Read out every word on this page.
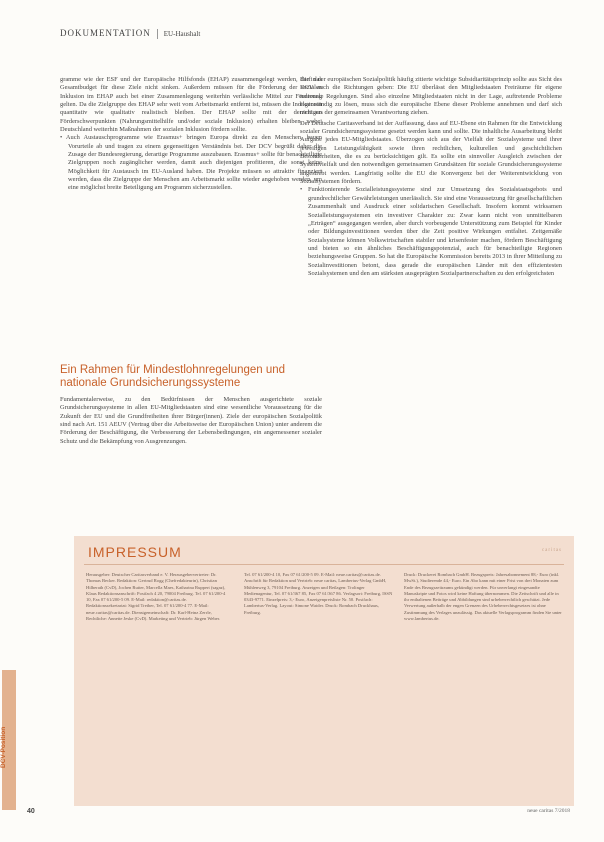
DOKUMENTATION EU-Haushalt

gramme wie der ESF und der Europäische Hilfsfonds (EHAP) zusammengelegt werden, darf das Gesamtbudget für diese Ziele nicht sinken. Außerdem müssen für die Förderung der sozialen Inklusion im EHAP auch bei einer Zusammenlegung weiterhin verlässliche Mittel zur Förderung gelten. Da die Zielgruppe des EHAP sehr weit vom Arbeitsmarkt entfernt ist, müssen die Indikatoren quantitativ wie qualitativ realistisch bleiben. Der EHAP sollte mit der derzeitigen Förderschwerpunkten (Nahrungsmittelhilfe und/oder soziale Inklusion) erhalten bleiben, wobei Deutschland weiterhin Maßnahmen der sozialen Inklusion fördern sollte.

• Auch Austauschprogramme wie Erasmus+ bringen Europa direkt zu den Menschen, bauen Vorurteile ab und tragen zu einem gegenseitigen Verständnis bei. Der DCV begrüßt daher die Zusage der Bundesregierung, derartige Programme auszubauen. Erasmus+ sollte für benachteiligte Zielgruppen noch zugänglicher werden, damit auch diejenigen profitieren, die sonst keine Möglichkeit für Austausch im EU-Ausland haben. Die Projekte müssen so attraktiv finanziert werden, dass die Zielgruppe der Menschen am Arbeitsmarkt sollte wieder angehoben werden, um eine möglichst breite Beteiligung am Programm sicherzustellen.

Ein Rahmen für Mindestlohnregelungen und nationale Grundsicherungssysteme

Fundamentalerweise, zu den Bedürfnissen der Menschen ausgerichtete soziale Grundsicherungssysteme in allen EU-Mitgliedstaaten sind eine wesentliche Voraussetzung für die Zukunft der EU und die Grundfreiheiten ihrer Bürger(innen). Ziele der europäischen Sozialpolitik sind nach Art. 151 AEUV (Vertrag über die Arbeitsweise der Europäischen Union) unter anderem die Förderung der Beschäftigung, die Verbesserung der Lebensbedingungen, ein angemessener sozialer Schutz und die Bekämpfung von Ausgrenzungen.

Die in der europäischen Sozialpolitik häufig zitierte wichtige Subsidiaritätsprinzip sollte aus Sicht des DCV auch die Richtungen geben: Die EU überlässt den Mitgliedstaaten Freiräume für eigene nationale Regelungen. Sind also einzelne Mitgliedstaaten nicht in der Lage, auftretende Probleme eigenständig zu lösen, muss sich die europäische Ebene dieser Probleme annehmen und darf sich nicht aus der gemeinsamen Verantwortung ziehen.

Der Deutsche Caritasverband ist der Auffassung, dass auf EU-Ebene ein Rahmen für die Entwicklung sozialer Grundsicherungssysteme gesetzt werden kann und sollte. Die inhaltliche Ausarbeitung bleibt Aufgabe jedes EU-Mitgliedstaates. Überzogen sich aus der Vielfalt der Sozialsysteme und ihrer jeweiligen Leistungsfähigkeit sowie ihren rechtlichen, kulturellen und geschichtlichen Besonderheiten, die es zu berücksichtigen gilt. Es sollte ein sinnvoller Ausgleich zwischen der Systemvielfalt und den notwendigen gemeinsamen Grundsätzen für soziale Grundsicherungssysteme angestrebt werden. Langfristig sollte die EU die Konvergenz bei der Weiterentwicklung von Sozialsystemen fördern.

• Funktionierende Sozialleistungssysteme sind zur Umsetzung des Sozialstaatsgebots und grundrechtlicher Gewährleistungen unerlässlich. Sie sind eine Voraussetzung für gesellschaftlichen Zusammenhalt und Ausdruck einer solidarischen Gesellschaft. Insofern kommt wirksamen Sozialleistungssystemen ein investiver Charakter zu: Zwar kann nicht von unmittelbaren „Erträgen“ ausgegangen werden, aber durch vorbeugende Unterstützung zum Beispiel für Kinder oder Bildungsinvestitionen werden über die Zeit positive Wirkungen entfaltet. Zeitgemäße Sozialsysteme können Volkswirtschaften stabiler und krisenfester machen, fördern Beschäftigung und bieten so ein ähnliches Beschäftigungspotenzial, auch für benachteiligte Regionen beziehungsweise Gruppen. So hat die Europäische Kommission bereits 2013 in ihrer Mitteilung zu Sozialinvestitionen betont, dass gerade die europäischen Länder mit den effizientesten Sozialsystemen und den am stärksten ausgeprägten Sozialpartnerschaften zu den erfolgreichsten

IMPRESSUM	caritas
Herausgeber: Deutscher Caritasverband e. V. Herausgebervertreter: Dr. Thomas Becker. Redaktion: Gertrud Rogg (Chefredakteurin), Christian Hilberath (CvD), Jochen Rutter, Marcella Maes, Katharina Ruppert (sagaz), Klaus Redaktionsanschrift: Postfach 4 20, 79004 Freiburg. Tel. 07 61/200-4 10, Fax 07 61/200-5 09. E-Mail: redaktion@caritas.de. Redaktionssekretariat: Sigrid Treiber, Tel. 07 61/200-4 77. E-Mail: neue.caritas@caritas.de. Dienstgemeinschaft: Dr. Karl-Heinz Zerrle, Rechtliche: Annette Jeske (CvD). Marketing und Vertrieb: Jürgen Weber.
Tel. 07 61/200-4 10, Fax 07 61/200-5 09. E-Mail: neue.caritas@caritas.de. Anschrift für Redaktion und Vertrieb: neue caritas, Lambertus-Verlag GmbH, Mühlenweg 3, 79104 Freiburg. Anzeigen und Beilagen: Trolinger Medienagentur, Tel. 07 61/367 85, Fax 07 61/367 86. Verlagsort: Freiburg, ISSN 0343-9771. Einzelpreis: 3,- Euro, Anzeigenpreisliste Nr. 50. Postfach: Lambertus-Verlag. Layout: Simone Waider. Druck: Rombach Druckhaus, Freiburg.
Druck: Druckerei Rombach GmbH. Bezugspreis: Jahresabonnement 88,- Euro (inkl. MwSt.), Studierende 44,- Euro. Ein Abo kann mit einer Frist von drei Monaten zum Ende des Bezugszeitraums gekündigt werden. Für unverlangt eingesandte Manuskripte und Fotos wird keine Haftung übernommen. Die Zeitschrift und alle in ihr enthaltenen Beiträge und Abbildungen sind urheberrechtlich geschützt. Jede Verwertung außerhalb der engen Grenzen des Urheberrechtsgesetzes ist ohne Zustimmung des Verlages unzulässig. Das aktuelle Verlagsprogramm finden Sie unter www.lambertus.de.
DCV-Position
40	neue caritas 7/2018
